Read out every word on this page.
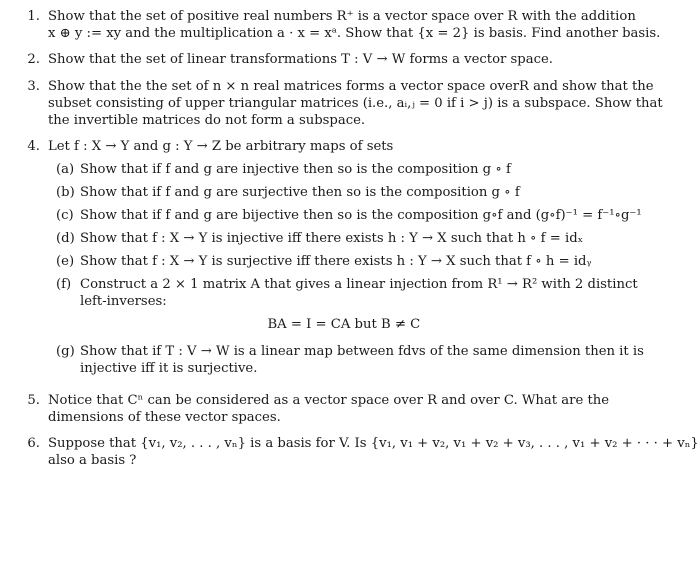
1. Show that the set of positive real numbers R⁺ is a vector space over R with the addition
x ⊕ y := xy and the multiplication a · x = xᵃ. Show that {x = 2} is basis. Find another basis.
2. Show that the set of linear transformations T : V → W forms a vector space.
3. Show that the the set of n × n real matrices forms a vector space overR and show that the
subset consisting of upper triangular matrices (i.e., aᵢ,ⱼ = 0 if i > j) is a subspace. Show that
the invertible matrices do not form a subspace.
4. Let f : X → Y and g : Y → Z be arbitrary maps of sets
(a) Show that if f and g are injective then so is the composition g ∘ f
(b) Show that if f and g are surjective then so is the composition g ∘ f
(c) Show that if f and g are bijective then so is the composition g∘f and (g∘f)⁻¹ = f⁻¹∘g⁻¹
(d) Show that f : X → Y is injective iff there exists h : Y → X such that h ∘ f = idₓ
(e) Show that f : X → Y is surjective iff there exists h : Y → X such that f ∘ h = idᵧ
(f) Construct a 2 × 1 matrix A that gives a linear injection from R¹ → R² with 2 distinct
left-inverses:
BA = I = CA but B ≠ C
(g) Show that if T : V → W is a linear map between fdvs of the same dimension then it is
injective iff it is surjective.
5. Notice that Cⁿ can be considered as a vector space over R and over C. What are the
dimensions of these vector spaces.
6. Suppose that {v₁, v₂, . . . , vₙ} is a basis for V. Is {v₁, v₁ + v₂, v₁ + v₂ + v₃, . . . , v₁ + v₂ + · · · + vₙ}
also a basis ?
